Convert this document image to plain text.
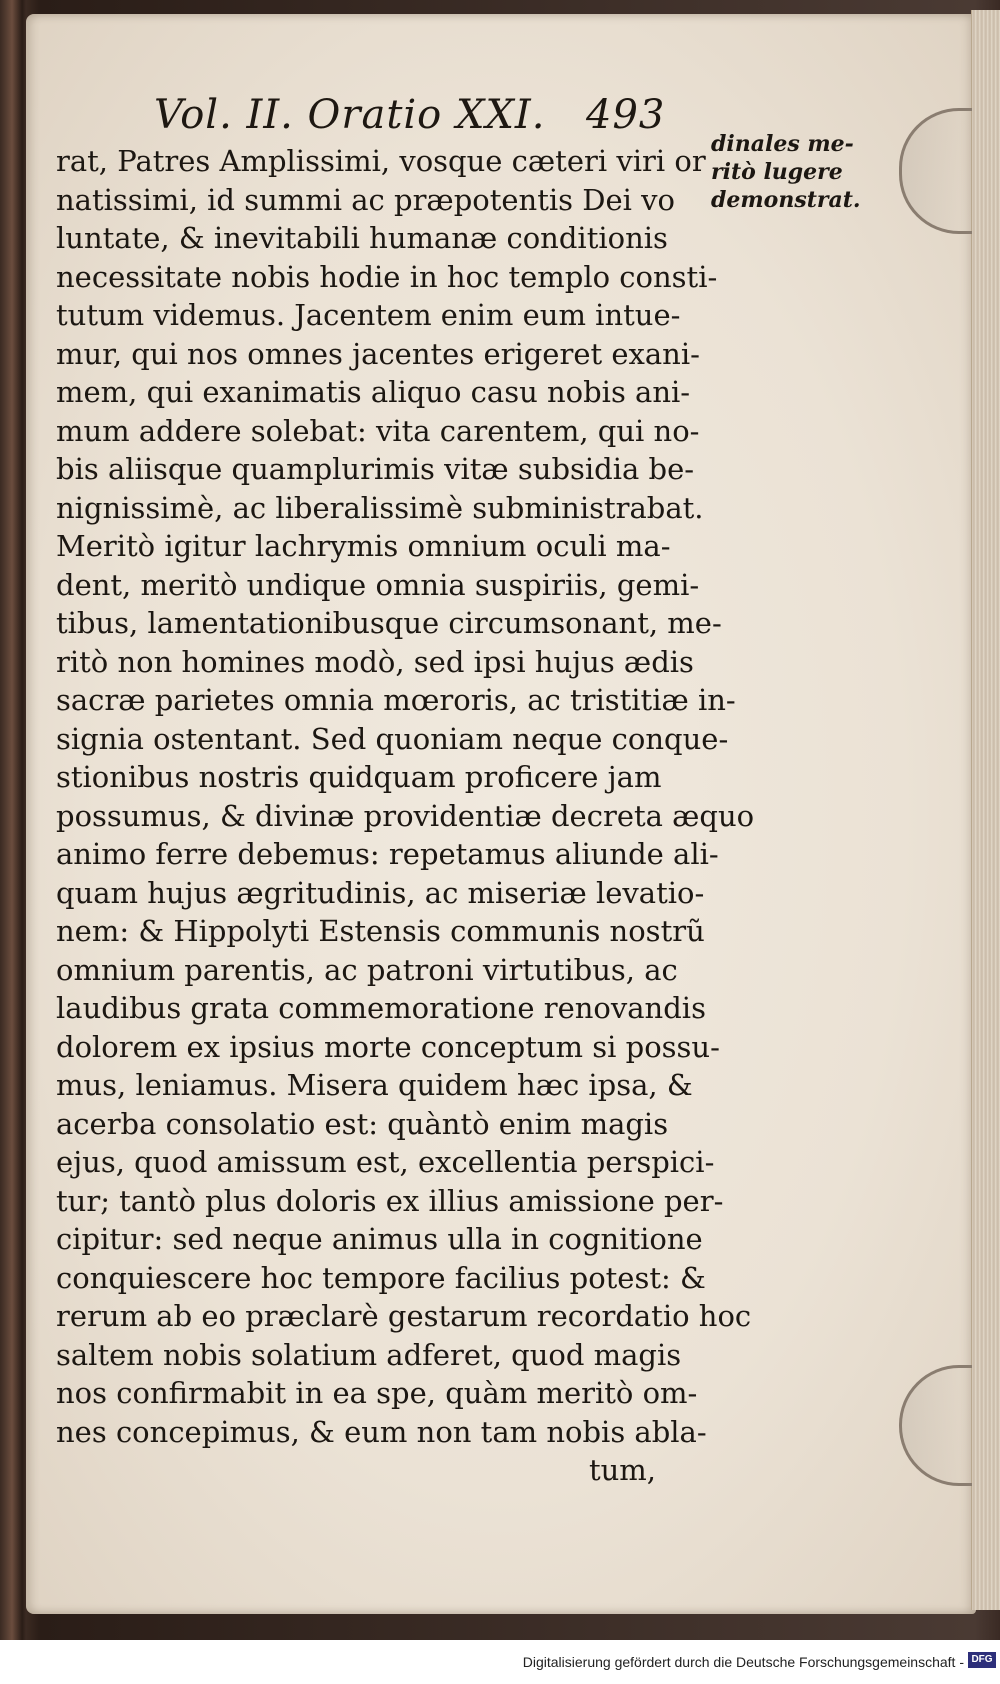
Vol. II. Oratio XXI. 493
rat, Patres Amplissimi, vosque cæteri viri or
natissimi, id summi ac præpotentis Dei vo
luntate, & inevitabili humanæ conditionis
necessitate nobis hodie in hoc templo consti-
tutum videmus. Jacentem enim eum intue-
mur, qui nos omnes jacentes erigeret exani-
mem, qui exanimatis aliquo casu nobis ani-
mum addere solebat: vita carentem, qui no-
bis aliisque quamplurimis vitæ subsidia be-
nignissimè, ac liberalissimè subministrabat.
Meritò igitur lachrymis omnium oculi ma-
dent, meritò undique omnia suspiriis, gemi-
tibus, lamentationibusque circumsonant, me-
ritò non homines modò, sed ipsi hujus ædis
sacræ parietes omnia mœroris, ac tristitiæ in-
signia ostentant. Sed quoniam neque conque-
stionibus nostris quidquam proficere jam
possumus, & divinæ providentiæ decreta æquo
animo ferre debemus: repetamus aliunde ali-
quam hujus ægritudinis, ac miseriæ levatio-
nem: & Hippolyti Estensis communis nostrũ
omnium parentis, ac patroni virtutibus, ac
laudibus grata commemoratione renovandis
dolorem ex ipsius morte conceptum si possu-
mus, leniamus. Misera quidem hæc ipsa, &
acerba consolatio est: quàntò enim magis
ejus, quod amissum est, excellentia perspici-
tur; tantò plus doloris ex illius amissione per-
cipitur: sed neque animus ulla in cognitione
conquiescere hoc tempore facilius potest: &
rerum ab eo præclarè gestarum recordatio hoc
saltem nobis solatium adferet, quod magis
nos confirmabit in ea spe, quàm meritò om-
nes concepimus, & eum non tam nobis abla-
tum,
dinales me-
ritò lugere
demonstrat.
Digitalisierung gefördert durch die Deutsche Forschungsgemeinschaft - DFG
